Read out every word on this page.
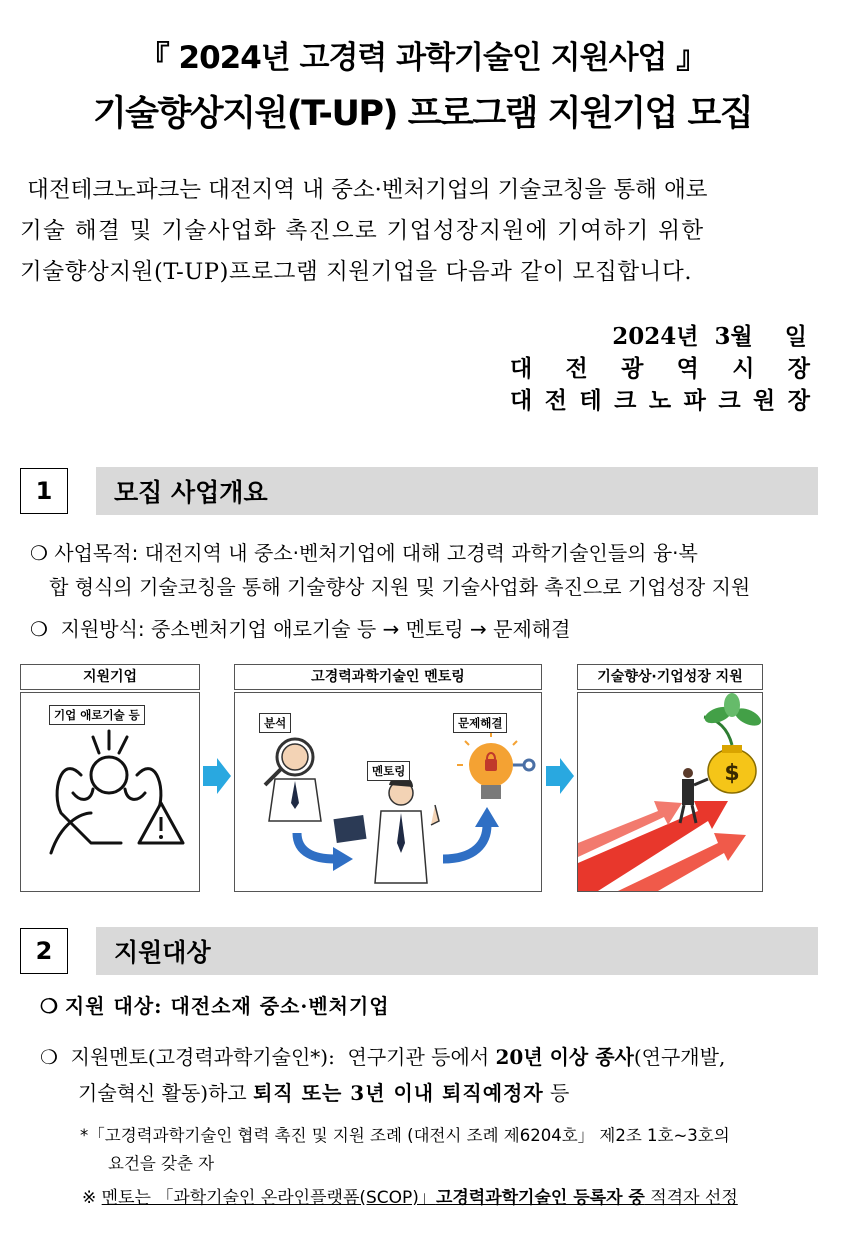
『 2024년 고경력 과학기술인 지원사업 』
기술향상지원(T-UP) 프로그램 지원기업 모집
대전테크노파크는 대전지역 내 중소·벤처기업의 기술코칭을 통해 애로
기술 해결 및 기술사업화 촉진으로 기업성장지원에 기여하기 위한
기술향상지원(T-UP)프로그램 지원기업을 다음과 같이 모집합니다.
2024년  3월    일
대 전 광 역 시 장
대 전 테 크 노 파 크 원 장
1	모집 사업개요
❍ 사업목적: 대전지역 내 중소·벤처기업에 대해 고경력 과학기술인들의 융·복
합 형식의 기술코칭을 통해 기술향상 지원 및 기술사업화 촉진으로 기업성장 지원
❍  지원방식: 중소벤처기업 애로기술 등 → 멘토링 → 문제해결
지원기업
기업 애로기술 등
고경력과학기술인 멘토링
분석
멘토링
문제해결
기술향상·기업성장 지원
$
2	지원대상
❍ 지원 대상: 대전소재 중소·벤처기업
❍  지원멘토(고경력과학기술인*):  연구기관 등에서 20년 이상 종사(연구개발,
기술혁신 활동)하고 퇴직 또는 3년 이내 퇴직예정자 등
*「고경력과학기술인 협력 촉진 및 지원 조례 (대전시 조례 제6204호」 제2조 1호~3호의
요건을 갖춘 자
※ 멘토는 「과학기술인 온라인플랫폼(SCOP)」고경력과학기술인 등록자 중 적격자 선정
